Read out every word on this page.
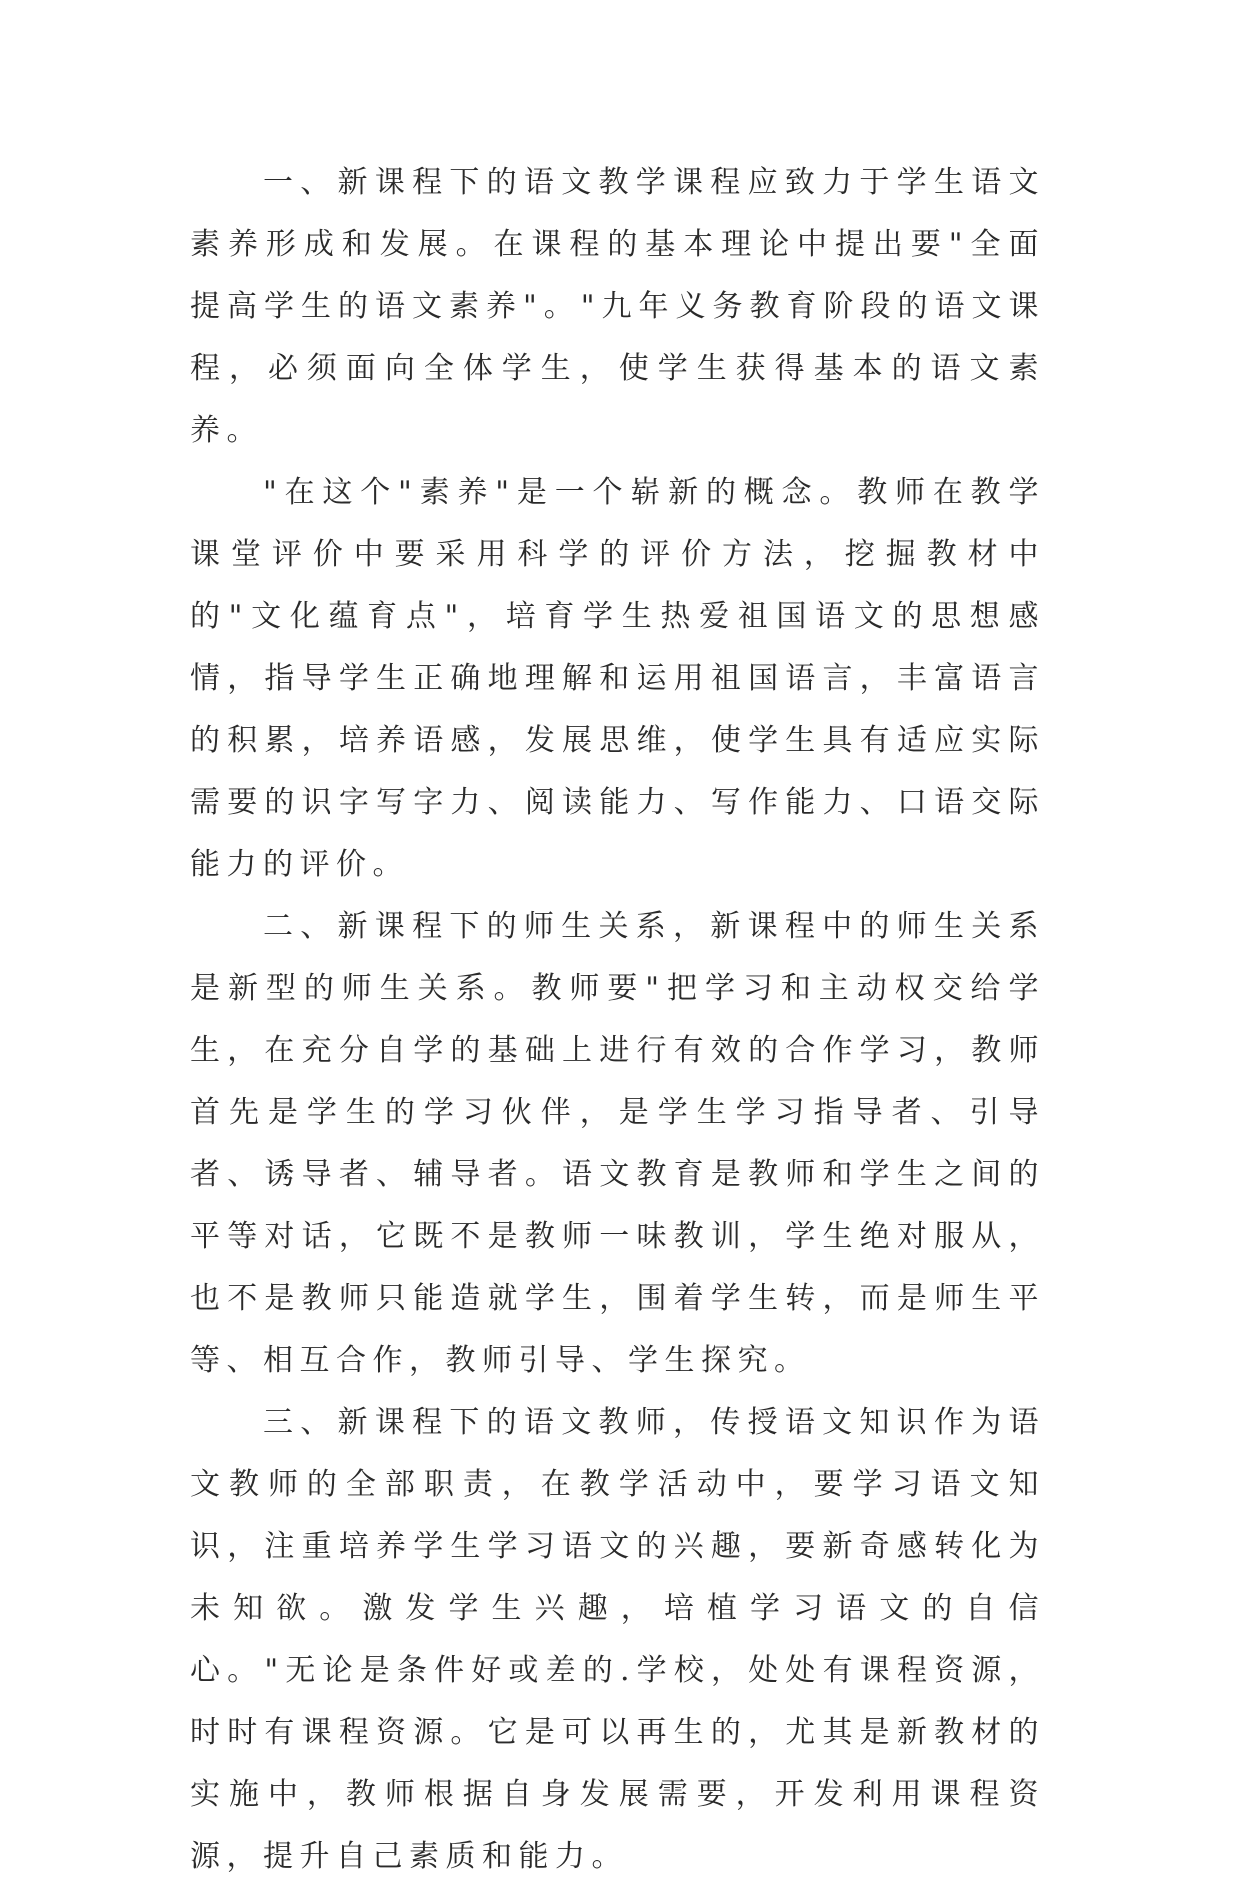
一、新课程下的语文教学课程应致力于学生语文素养形成和发展。在课程的基本理论中提出要"全面提高学生的语文素养"。"九年义务教育阶段的语文课程，必须面向全体学生，使学生获得基本的语文素养。

"在这个"素养"是一个崭新的概念。教师在教学课堂评价中要采用科学的评价方法，挖掘教材中的"文化蕴育点"，培育学生热爱祖国语文的思想感情，指导学生正确地理解和运用祖国语言，丰富语言的积累，培养语感，发展思维，使学生具有适应实际需要的识字写字力、阅读能力、写作能力、口语交际能力的评价。

二、新课程下的师生关系，新课程中的师生关系是新型的师生关系。教师要"把学习和主动权交给学生，在充分自学的基础上进行有效的合作学习，教师首先是学生的学习伙伴，是学生学习指导者、引导者、诱导者、辅导者。语文教育是教师和学生之间的平等对话，它既不是教师一味教训，学生绝对服从，也不是教师只能造就学生，围着学生转，而是师生平等、相互合作，教师引导、学生探究。

三、新课程下的语文教师，传授语文知识作为语文教师的全部职责，在教学活动中，要学习语文知识，注重培养学生学习语文的兴趣，要新奇感转化为未知欲。激发学生兴趣，培植学习语文的自信心。"无论是条件好或差的.学校，处处有课程资源，时时有课程资源。它是可以再生的，尤其是新教材的实施中，教师根据自身发展需要，开发利用课程资源，提升自己素质和能力。
